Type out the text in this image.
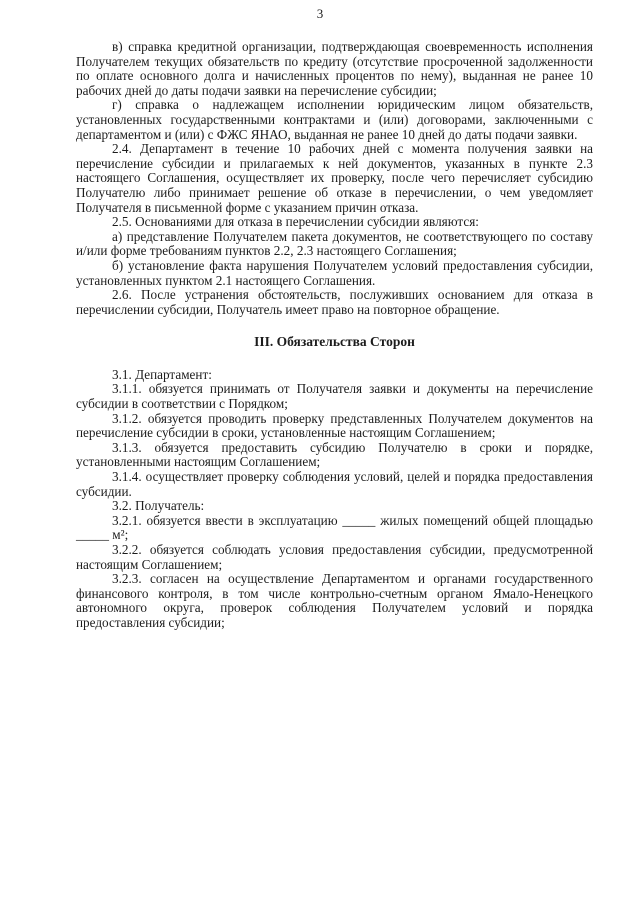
3

в) справка кредитной организации, подтверждающая своевременность исполнения Получателем текущих обязательств по кредиту (отсутствие просроченной задолженности по оплате основного долга и начисленных процентов по нему), выданная не ранее 10 рабочих дней до даты подачи заявки на перечисление субсидии;

г) справка о надлежащем исполнении юридическим лицом обязательств, установленных государственными контрактами и (или) договорами, заключенными с департаментом и (или) с ФЖС ЯНАО, выданная не ранее 10 дней до даты подачи заявки.

2.4. Департамент в течение 10 рабочих дней с момента получения заявки на перечисление субсидии и прилагаемых к ней документов, указанных в пункте 2.3 настоящего Соглашения, осуществляет их проверку, после чего перечисляет субсидию Получателю либо принимает решение об отказе в перечислении, о чем уведомляет Получателя в письменной форме с указанием причин отказа.

2.5. Основаниями для отказа в перечислении субсидии являются:

а) представление Получателем пакета документов, не соответствующего по составу и/или форме требованиям пунктов 2.2, 2.3 настоящего Соглашения;

б) установление факта нарушения Получателем условий предоставления субсидии, установленных пунктом 2.1 настоящего Соглашения.

2.6. После устранения обстоятельств, послуживших основанием для отказа в перечислении субсидии, Получатель имеет право на повторное обращение.

III. Обязательства Сторон

3.1. Департамент:

3.1.1. обязуется принимать от Получателя заявки и документы на перечисление субсидии в соответствии с Порядком;

3.1.2. обязуется проводить проверку представленных Получателем документов на перечисление субсидии в сроки, установленные настоящим Соглашением;

3.1.3. обязуется предоставить субсидию Получателю в сроки и порядке, установленными настоящим Соглашением;

3.1.4. осуществляет проверку соблюдения условий, целей и порядка предоставления субсидии.

3.2. Получатель:

3.2.1. обязуется ввести в эксплуатацию _____ жилых помещений общей площадью _____ м²;

3.2.2. обязуется соблюдать условия предоставления субсидии, предусмотренной настоящим Соглашением;

3.2.3. согласен на осуществление Департаментом и органами государственного финансового контроля, в том числе контрольно-счетным органом Ямало-Ненецкого автономного округа, проверок соблюдения Получателем условий и порядка предоставления субсидии;
